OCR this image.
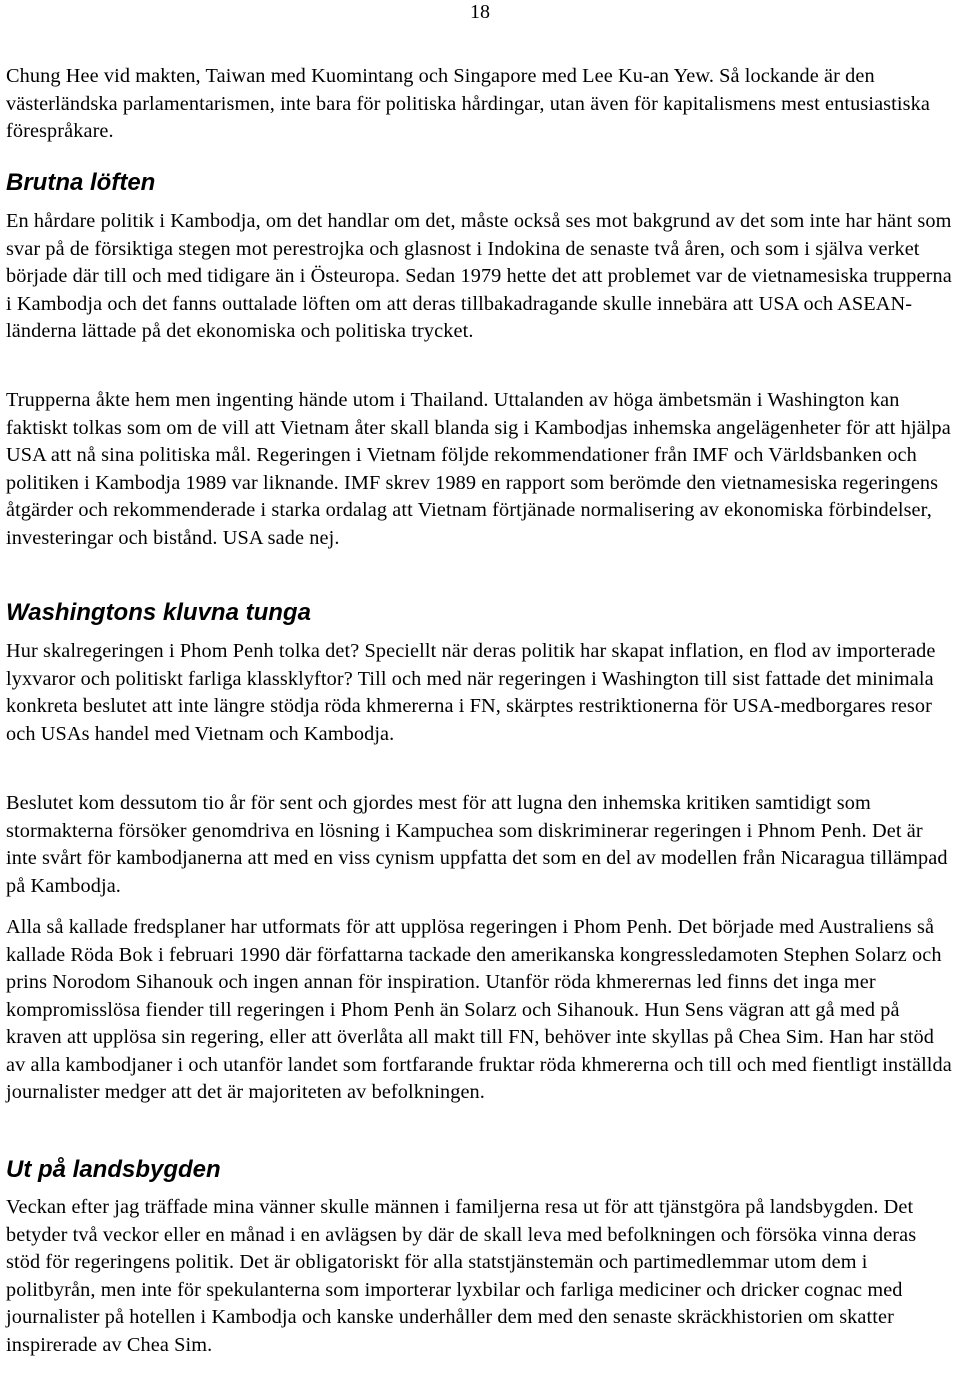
18

Chung Hee vid makten, Taiwan med Kuomintang och Singapore med Lee Ku-an Yew. Så lockande är den västerländska parlamentarismen, inte bara för politiska hårdingar, utan även för kapitalismens mest entusiastiska förespråkare.

Brutna löften

En hårdare politik i Kambodja, om det handlar om det, måste också ses mot bakgrund av det som inte har hänt som svar på de försiktiga stegen mot perestrojka och glasnost i Indokina de senaste två åren, och som i själva verket började där till och med tidigare än i Östeuropa. Sedan 1979 hette det att problemet var de vietnamesiska trupperna i Kambodja och det fanns outtalade löften om att deras tillbakadragande skulle innebära att USA och ASEAN-länderna lättade på det ekonomiska och politiska trycket.

Trupperna åkte hem men ingenting hände utom i Thailand. Uttalanden av höga ämbetsmän i Washington kan faktiskt tolkas som om de vill att Vietnam åter skall blanda sig i Kambodjas inhemska angelägenheter för att hjälpa USA att nå sina politiska mål. Regeringen i Vietnam följde rekommendationer från IMF och Världsbanken och politiken i Kambodja 1989 var liknande. IMF skrev 1989 en rapport som berömde den vietnamesiska regeringens åtgärder och rekommenderade i starka ordalag att Vietnam förtjänade normalisering av ekonomiska förbindelser, investeringar och bistånd. USA sade nej.

Washingtons kluvna tunga

Hur skalregeringen i Phom Penh tolka det? Speciellt när deras politik har skapat inflation, en flod av importerade lyxvaror och politiskt farliga klassklyftor? Till och med när regeringen i Washington till sist fattade det minimala konkreta beslutet att inte längre stödja röda khmererna i FN, skärptes restriktionerna för USA-medborgares resor och USAs handel med Vietnam och Kambodja.

Beslutet kom dessutom tio år för sent och gjordes mest för att lugna den inhemska kritiken samtidigt som stormakterna försöker genomdriva en lösning i Kampuchea som diskriminerar regeringen i Phnom Penh. Det är inte svårt för kambodjanerna att med en viss cynism uppfatta det som en del av modellen från Nicaragua tillämpad på Kambodja.

Alla så kallade fredsplaner har utformats för att upplösa regeringen i Phom Penh. Det började med Australiens så kallade Röda Bok i februari 1990 där författarna tackade den amerikanska kongressledamoten Stephen Solarz och prins Norodom Sihanouk och ingen annan för inspiration. Utanför röda khmerernas led finns det inga mer kompromisslösa fiender till regeringen i Phom Penh än Solarz och Sihanouk. Hun Sens vägran att gå med på kraven att upplösa sin regering, eller att överlåta all makt till FN, behöver inte skyllas på Chea Sim. Han har stöd av alla kambodjaner i och utanför landet som fortfarande fruktar röda khmererna och till och med fientligt inställda journalister medger att det är majoriteten av befolkningen.

Ut på landsbygden

Veckan efter jag träffade mina vänner skulle männen i familjerna resa ut för att tjänstgöra på landsbygden. Det betyder två veckor eller en månad i en avlägsen by där de skall leva med befolkningen och försöka vinna deras stöd för regeringens politik. Det är obligatoriskt för alla statstjänstemän och partimedlemmar utom dem i politbyrån, men inte för spekulanterna som importerar lyxbilar och farliga mediciner och dricker cognac med journalister på hotellen i Kambodja och kanske underhåller dem med den senaste skräckhistorien om skatter inspirerade av Chea Sim.
